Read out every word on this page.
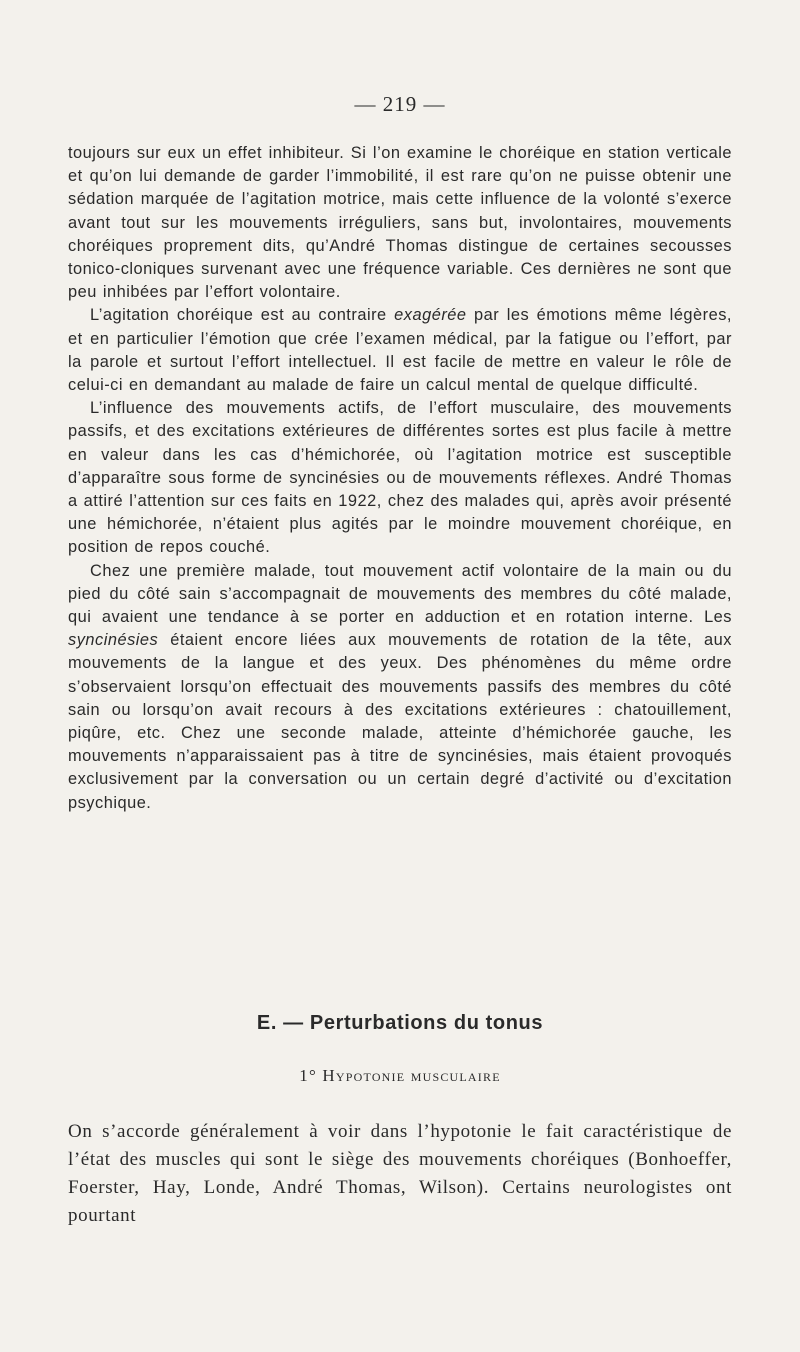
— 219 —

toujours sur eux un effet inhibiteur. Si l’on examine le choréique en station verticale et qu’on lui demande de garder l’immobilité, il est rare qu’on ne puisse obtenir une sédation marquée de l’agitation motrice, mais cette influence de la volonté s’exerce avant tout sur les mouvements irréguliers, sans but, involontaires, mouvements choréiques proprement dits, qu’André Thomas distingue de certaines secousses tonico-cloniques survenant avec une fréquence variable. Ces dernières ne sont que peu inhibées par l’effort volontaire.

L’agitation choréique est au contraire exagérée par les émotions même légères, et en particulier l’émotion que crée l’examen médical, par la fatigue ou l’effort, par la parole et surtout l’effort intellectuel. Il est facile de mettre en valeur le rôle de celui-ci en demandant au malade de faire un calcul mental de quelque difficulté.

L’influence des mouvements actifs, de l’effort musculaire, des mouvements passifs, et des excitations extérieures de différentes sortes est plus facile à mettre en valeur dans les cas d’hémichorée, où l’agitation motrice est susceptible d’apparaître sous forme de syncinésies ou de mouvements réflexes. André Thomas a attiré l’attention sur ces faits en 1922, chez des malades qui, après avoir présenté une hémichorée, n’étaient plus agités par le moindre mouvement choréique, en position de repos couché.

Chez une première malade, tout mouvement actif volontaire de la main ou du pied du côté sain s’accompagnait de mouvements des membres du côté malade, qui avaient une tendance à se porter en adduction et en rotation interne. Les syncinésies étaient encore liées aux mouvements de rotation de la tête, aux mouvements de la langue et des yeux. Des phénomènes du même ordre s’observaient lorsqu’on effectuait des mouvements passifs des membres du côté sain ou lorsqu’on avait recours à des excitations extérieures : chatouillement, piqûre, etc. Chez une seconde malade, atteinte d’hémichorée gauche, les mouvements n’apparaissaient pas à titre de syncinésies, mais étaient provoqués exclusivement par la conversation ou un certain degré d’activité ou d’excitation psychique.

E. — Perturbations du tonus
1° Hypotonie musculaire

On s’accorde généralement à voir dans l’hypotonie le fait caractéristique de l’état des muscles qui sont le siège des mouvements choréiques (Bonhoeffer, Foerster, Hay, Londe, André Thomas, Wilson). Certains neurologistes ont pourtant
